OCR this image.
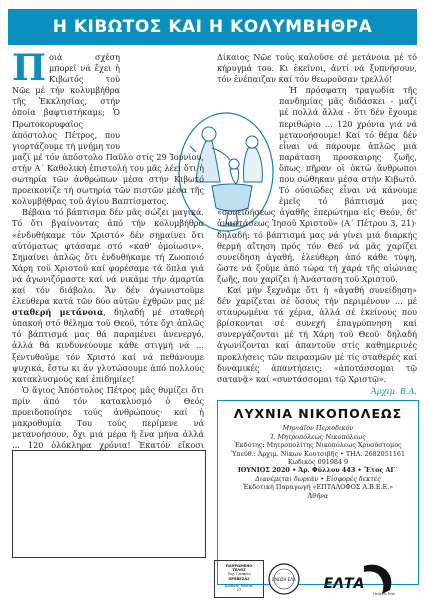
Η ΚΙΒΩΤΟΣ ΚΑΙ Η ΚΟΛΥΜΒΗΘΡΑ

Ποιά σχέση μπορεῖ νά ἔχει ἡ Κιβωτός τοῦ Νῶε μέ τήν κολυμβήθρα τῆς Ἐκκλησίας, στήν ὁποία βαφτιστήκαμε; Ὁ Πρωτοκορυφαῖος ἀπόστολος Πέτρος, που γιορτάζουμε τή μνήμη του μαζί μέ τόν ἀπόστολο Παῦλο στίς 29 Ἰουνίου, στήν Α΄ Καθολική ἐπιστολή του μᾶς λέει ὅτι ἡ σωτηρία τῶν ἀνθρώπων μέσα στήν Κιβωτό προεικονίζε τή σωτηρία τῶν πιστῶν μέσα τῆς κολυμβήθρας τοῦ ἁγίου Βαπτίσματος.

Βέβαια τό βάπτισμα δέν μᾶς σώζει μαγικά. Τό ὅτι βγαίνοντας ἀπό τήν κολυμβήθρα «ἐνδυθήκαμε τόν Χριστό» δέν σημαίνει ὅτι αὐτόματως φτάσαμε στό «καθ' ὁμοίωσιν». Σημαίνει ἁπλῶς ὅτι ἐνδυθήκαμε τή Ζωοποιό Χάρη τοῦ Χριστοῦ καί φορέσαμε τά ὅπλα γιά νά ἀγωνιζόμαστε καί νά νικᾶμε τήν ἁμαρτία καί τόν διάβολο. Ἄν δέν ἀγωνιστοῦμε ἐλεύθερα κατά τῶν δύο αὐτῶν ἐχθρῶν μας μέ σταθερή μετάνοια, δηλαδή μέ σταθερή ὑπακοή στό θέλημα τοῦ Θεοῦ, τότε ὄχι ἁπλῶς τό βάπτισμά μας θά παραμένει ἀνενεργό, ἀλλά θά κινδυνεύουμε κάθε στιγμή νά … ξεντυθοῦμε τόν Χριστό καί νά πεθάνουμε ψυχικά, ἔστω κι ἄν γλυτώσουμε ἀπό πολλούς κατακλυσμούς καί ἐπιδημίες!

Ὁ ἅγιος Ἀπόστολος Πέτρος μᾶς θυμίζει ὅτι πρίν ἀπό τόν κατακλυσμό ὁ Θεός προειδοποίησε τούς ἀνθρώπους· καί ἡ μακροθυμία Του τούς περίμενε νά μετανοήσουν, ὄχι μιά μέρα ἢ ἕνα μήνα ἀλλά … 120 ὁλόκληρα χρόνια! Ἑκατόν εἴκοσι

Δίκαιος Νῶε τούς καλοῦσε σέ μετάνοια μέ τό κήρυγμά του. Κι ἐκεῖνοι, ἀντί νά ξυπνήσουν, τόν ἐνέπαιζαν καί τόν θεωροῦσαν τρελλό!

Ἡ πρόσφατη τραγωδία τῆς πανδημίας μᾶς διδάσκει - μαζί μέ πολλά ἄλλα - ὅτι δέν ἔχουμε περιθώριο … 120 χρόνια γιά νά μετανοήσουμε! Καί τό θέμα δέν εἶναι νά πάρουμε ἁπλῶς μιά παράταση προσκαιρης ζωῆς, ὅπως πῆραν οἱ ὀκτώ ἄνθρωποι που σώθηκαν μέσα στήν Κιβωτό. Τό οὐσιῶδες εἶναι νά κάνουμε ἐμεῖς τό βάπτισμά μας «συνειδήσεως ἀγαθῆς ἐπερώτημα εἰς Θεόν, δι' ἀναστάσεως Ἰησοῦ Χριστοῦ» (Α΄ Πέτρου 3, 21)· δηλαδή: τό βάπτισμά μας νά γίνει μιά διαρκής θερμή αἴτηση πρός τόν Θεό νά μᾶς χαρίζει συνείδηση ἀγαθή, ἐλεύθερη ἀπό κάθε τύψη, ὥστε νά ζοῦμε ἀπό τώρα τή χαρά τῆς αἰώνιας ζωῆς, που χαρίζει ἡ Ἀνάσταση τοῦ Χριστοῦ.

Καί μήν ξεχνᾶμε ὅτι ἡ «ἀγαθή συνείδηση» δέν χαρίζεται σέ ὅσους τήν περιμένουν … μέ σταυρωμένα τά χέρια, ἀλλά σέ ἐκείνους που βρίσκονται σέ συνεχή ἐπαγρύπνηση καί συνεργάζονται μέ τή Χάρη τοῦ Θεοῦ· δηλαδή ἀγωνίζονται καί ἀπαντοῦν στίς καθημερινές προκλήσεις τῶν πειρασμῶν μέ τίς σταθερές καί δυναμικές ἀπαντήσεις: «ἀποτάσσομαι τῷ σατανᾷ» καί «συντάσσομαι τῷ Χριστῷ».

Ἀρχιμ. Β.Λ.
ΛΥΧΝΙΑ ΝΙΚΟΠΟΛΕΩΣ
Μηνιαῖον Περιοδικόν
Ἱ. Μητροπόλεως Νικοπόλεως
Ἐκδότης: Μητροπολίτης Νικοπόλεως Χρυσόστομος
Ὑπεύθ.: Ἀρχιμ. Νίκων Κουτσιβῆς • ΤΗΛ. 2682051161
Κωδικός 091984 9
ΙΟΥΝΙΟΣ 2020 • Ἀρ. Φύλλου 443 • Ἔτος ΑΓ΄
Διανέμεται δωρεάν • Εἰσφορές δεκτές
Ἐκδοτική Παραγωγή «ΕΠΤΑΛΟΦΟΣ Α.Β.Ε.Ε.»
Ἀθῆνα
ΠΛΗΡΩΜΕΝΟ
ΤΕΛΟΣ
Ταχ. Γραφείο
ΠΡΕΒΕΖΑΣ
Ἀριθμός Ἀδείας
27
ΕΝΩΣΗ ΕΛΛ ΕΛΤΑ
Hellenic Post
